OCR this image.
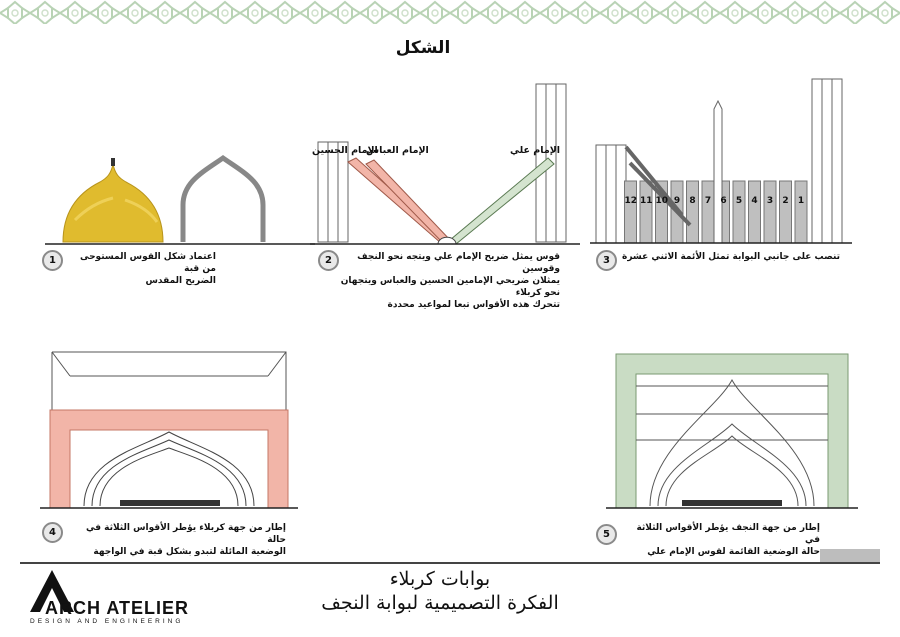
الشكل
1	اعتماد شكل القوس المستوحى من قبة
الضريح المقدس
الإمام علي
الإمام العباس
الإمام الحسين
2	قوس يمثل ضريح الإمام علي ويتجه نحو النجف وقوسين
يمثلان ضريحي الإمامين الحسين والعباس ويتجهان نحو كربلاء
تتحرك هذه الأقواس تبعا لمواعيد محددة
1
2
3
4
5
6
7
8
9
10
11
12
3	تنصب على جانبي البوابة تمثل الأئمة الاثني عشرة
4	إطار من جهة كربلاء يؤطر الأقواس الثلاثة في حالة
الوضعية المائلة لتبدو بشكل قبة في الواجهة
5
إطار من جهة النجف يؤطر الأقواس الثلاثة في
حالة الوضعية القائمة لقوس الإمام علي
ARCH ATELIER
DESIGN AND ENGINEERING
بوابات كربلاء
الفكرة التصميمية لبوابة النجف
